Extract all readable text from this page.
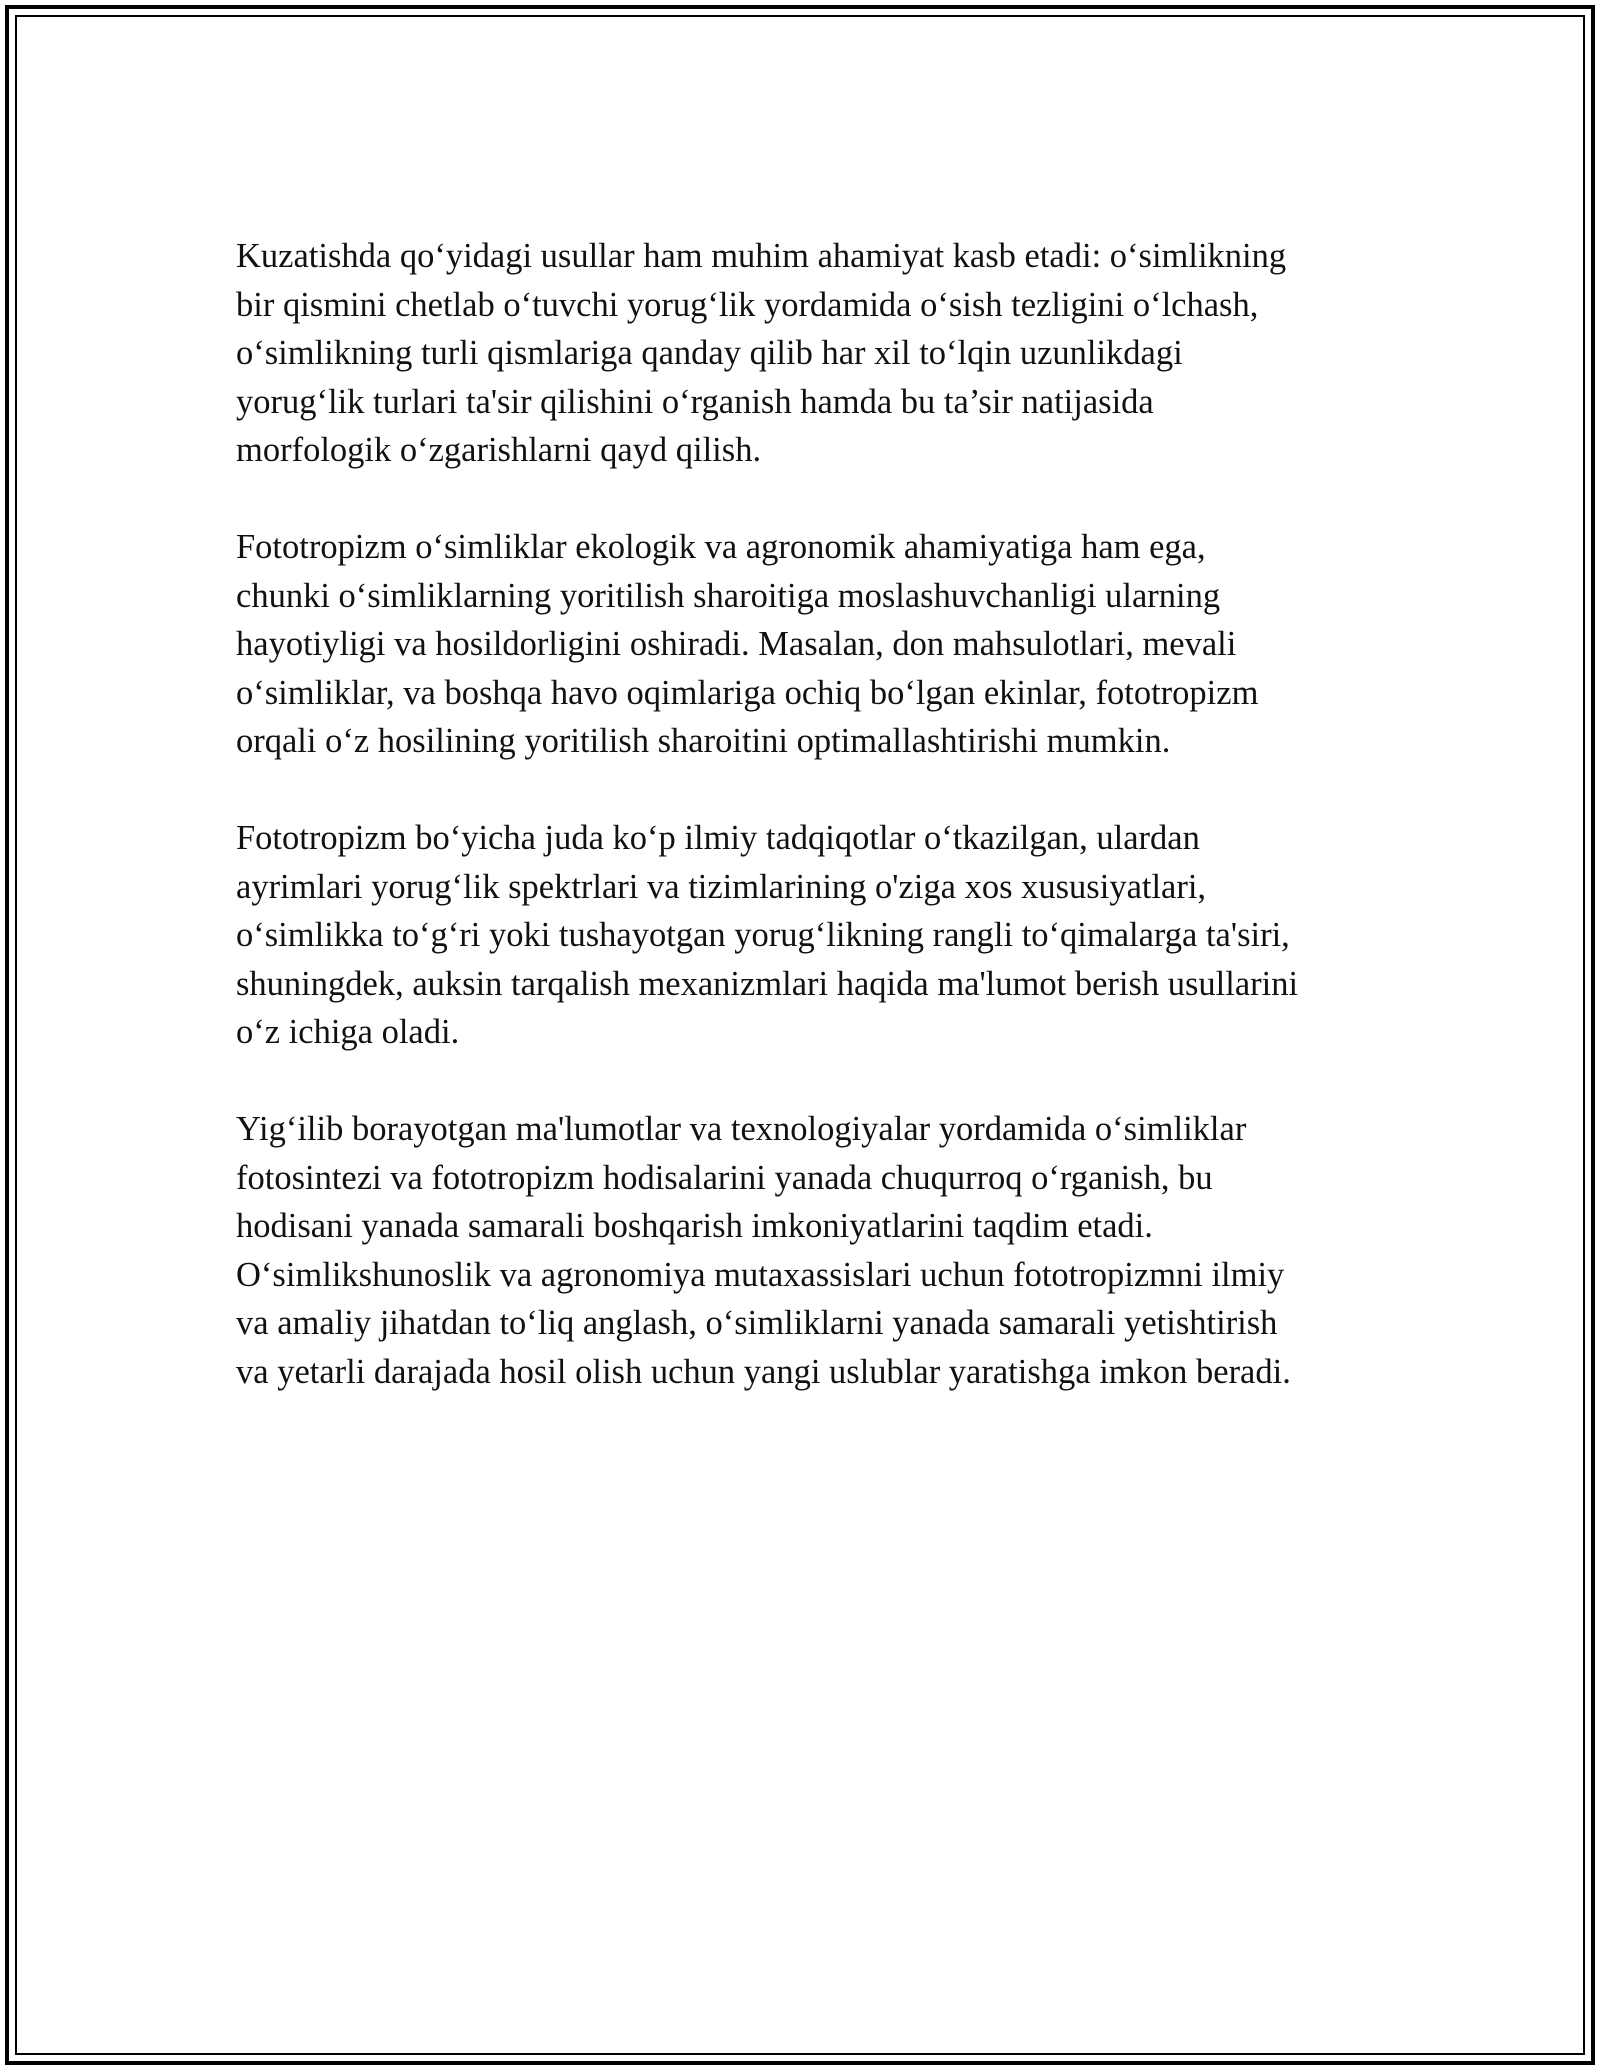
Kuzatishda qo‘yidagi usullar ham muhim ahamiyat kasb etadi: o‘simlikning
bir qismini chetlab o‘tuvchi yorug‘lik yordamida o‘sish tezligini o‘lchash,
o‘simlikning turli qismlariga qanday qilib har xil to‘lqin uzunlikdagi
yorug‘lik turlari ta'sir qilishini o‘rganish hamda bu ta’sir natijasida
morfologik o‘zgarishlarni qayd qilish.
Fototropizm o‘simliklar ekologik va agronomik ahamiyatiga ham ega,
chunki o‘simliklarning yoritilish sharoitiga moslashuvchanligi ularning
hayotiyligi va hosildorligini oshiradi. Masalan, don mahsulotlari, mevali
o‘simliklar, va boshqa havo oqimlariga ochiq bo‘lgan ekinlar, fototropizm
orqali o‘z hosilining yoritilish sharoitini optimallashtirishi mumkin.
Fototropizm bo‘yicha juda ko‘p ilmiy tadqiqotlar o‘tkazilgan, ulardan
ayrimlari yorug‘lik spektrlari va tizimlarining o'ziga xos xususiyatlari,
o‘simlikka to‘g‘ri yoki tushayotgan yorug‘likning rangli to‘qimalarga ta'siri,
shuningdek, auksin tarqalish mexanizmlari haqida ma'lumot berish usullarini
o‘z ichiga oladi.
Yig‘ilib borayotgan ma'lumotlar va texnologiyalar yordamida o‘simliklar
fotosintezi va fototropizm hodisalarini yanada chuqurroq o‘rganish, bu
hodisani yanada samarali boshqarish imkoniyatlarini taqdim etadi.
O‘simlikshunoslik va agronomiya mutaxassislari uchun fototropizmni ilmiy
va amaliy jihatdan to‘liq anglash, o‘simliklarni yanada samarali yetishtirish
va yetarli darajada hosil olish uchun yangi uslublar yaratishga imkon beradi.
